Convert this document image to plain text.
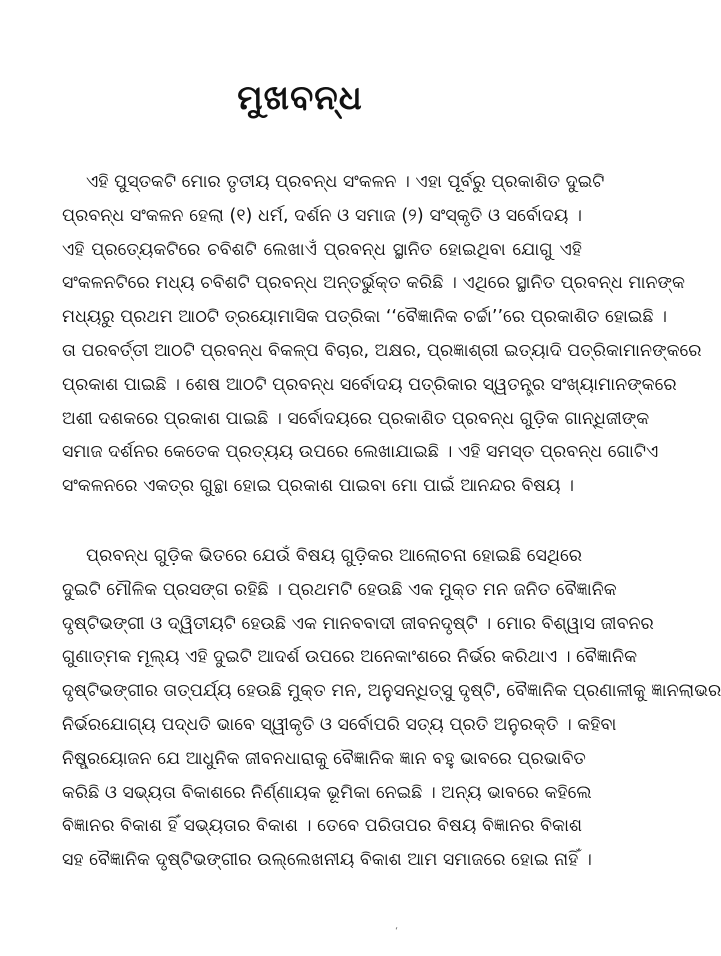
ମୁଖବନ୍ଧ
ଏହି ପୁସ୍ତକଟି ମୋର ତୃତୀୟ ପ୍ରବନ୍ଧ ସଂକଳନ । ଏହା ପୂର୍ବରୁ ପ୍ରକାଶିତ ଦୁଇଟି
ପ୍ରବନ୍ଧ ସଂକଳନ ହେଲା (୧) ଧର୍ମ, ଦର୍ଶନ ଓ ସମାଜ (୨) ସଂସ୍କୃତି ଓ ସର୍ବୋଦୟ ।
ଏହି ପ୍ରତ୍ୟେକଟିରେ ଚବିଶଟି ଲେଖାଏଁ ପ୍ରବନ୍ଧ ସ୍ଥାନିତ ହୋଇଥିବା ଯୋଗୁ ଏହି
ସଂକଳନଟିରେ ମଧ୍ୟ ଚବିଶଟି ପ୍ରବନ୍ଧ ଅନ୍ତର୍ଭୁକ୍ତ କରିଛି । ଏଥିରେ ସ୍ଥାନିତ ପ୍ରବନ୍ଧ ମାନଙ୍କ
ମଧ୍ୟରୁ ପ୍ରଥମ ଆଠଟି ତ୍ରୟୋମାସିକ ପତ୍ରିକା ‘‘ବୈଜ୍ଞାନିକ ଚର୍ଚ୍ଚା’’ରେ ପ୍ରକାଶିତ ହୋଇଛି ।
ତା ପରବର୍ତ୍ତୀ ଆଠଟି ପ୍ରବନ୍ଧ ବିକଳ୍ପ ବିଚାର, ଅକ୍ଷର, ପ୍ରଜ୍ଞାଶ୍ରୀ ଇତ୍ୟାଦି ପତ୍ରିକାମାନଙ୍କରେ
ପ୍ରକାଶ ପାଇଛି । ଶେଷ ଆଠଟି ପ୍ରବନ୍ଧ ସର୍ବୋଦୟ ପତ୍ରିକାର ସ୍ୱତନ୍ତ୍ର ସଂଖ୍ୟାମାନଙ୍କରେ
ଅଶୀ ଦଶକରେ ପ୍ରକାଶ ପାଇଛି । ସର୍ବୋଦୟରେ ପ୍ରକାଶିତ ପ୍ରବନ୍ଧ ଗୁଡ଼ିକ ଗାନ୍ଧିଜୀଙ୍କ
ସମାଜ ଦର୍ଶନର କେତେକ ପ୍ରତ୍ୟୟ ଉପରେ ଲେଖାଯାଇଛି । ଏହି ସମସ୍ତ ପ୍ରବନ୍ଧ ଗୋଟିଏ
ସଂକଳନରେ ଏକତ୍ର ଗୁନ୍ଥା ହୋଇ ପ୍ରକାଶ ପାଇବା ମୋ ପାଇଁ ଆନନ୍ଦର ବିଷୟ ।
ପ୍ରବନ୍ଧ ଗୁଡ଼ିକ ଭିତରେ ଯେଉଁ ବିଷୟ ଗୁଡ଼ିକର ଆଲୋଚନା ହୋଇଛି ସେଥିରେ
ଦୁଇଟି ମୌଳିକ ପ୍ରସଙ୍ଗ ରହିଛି । ପ୍ରଥମଟି ହେଉଛି ଏକ ମୁକ୍ତ ମନ ଜନିତ ବୈଜ୍ଞାନିକ
ଦୃଷ୍ଟିଭଙ୍ଗୀ ଓ ଦ୍ୱିତୀୟଟି ହେଉଛି ଏକ ମାନବବାଦୀ ଜୀବନଦୃଷ୍ଟି । ମୋର ବିଶ୍ୱାସ ଜୀବନର
ଗୁଣାତ୍ମକ ମୂଲ୍ୟ ଏହି ଦୁଇଟି ଆଦର୍ଶ ଉପରେ ଅନେକାଂଶରେ ନିର୍ଭର କରିଥାଏ । ବୈଜ୍ଞାନିକ
ଦୃଷ୍ଟିଭଙ୍ଗୀର ତାତ୍ପର୍ଯ୍ୟ ହେଉଛି ମୁକ୍ତ ମନ, ଅନୁସନ୍ଧିତ୍ସୁ ଦୃଷ୍ଟି, ବୈଜ୍ଞାନିକ ପ୍ରଣାଳୀକୁ ଜ୍ଞାନଲାଭର
ନିର୍ଭରଯୋଗ୍ୟ ପଦ୍ଧତି ଭାବେ ସ୍ୱୀକୃତି ଓ ସର୍ବୋପରି ସତ୍ୟ ପ୍ରତି ଅନୁରକ୍ତି । କହିବା
ନିଷ୍ପ୍ରୟୋଜନ ଯେ ଆଧୁନିକ ଜୀବନଧାରାକୁ ବୈଜ୍ଞାନିକ ଜ୍ଞାନ ବହୁ ଭାବରେ ପ୍ରଭାବିତ
କରିଛି ଓ ସଭ୍ୟତା ବିକାଶରେ ନିର୍ଣ୍ଣାୟକ ଭୂମିକା ନେଇଛି । ଅନ୍ୟ ଭାବରେ କହିଲେ
ବିଜ୍ଞାନର ବିକାଶ ହିଁ ସଭ୍ୟତାର ବିକାଶ । ତେବେ ପରିତାପର ବିଷୟ ବିଜ୍ଞାନର ବିକାଶ
ସହ ବୈଜ୍ଞାନିକ ଦୃଷ୍ଟିଭଙ୍ଗୀର ଉଲ୍ଲେଖନୀୟ ବିକାଶ ଆମ ସମାଜରେ ହୋଇ ନାହିଁ ।
‘
